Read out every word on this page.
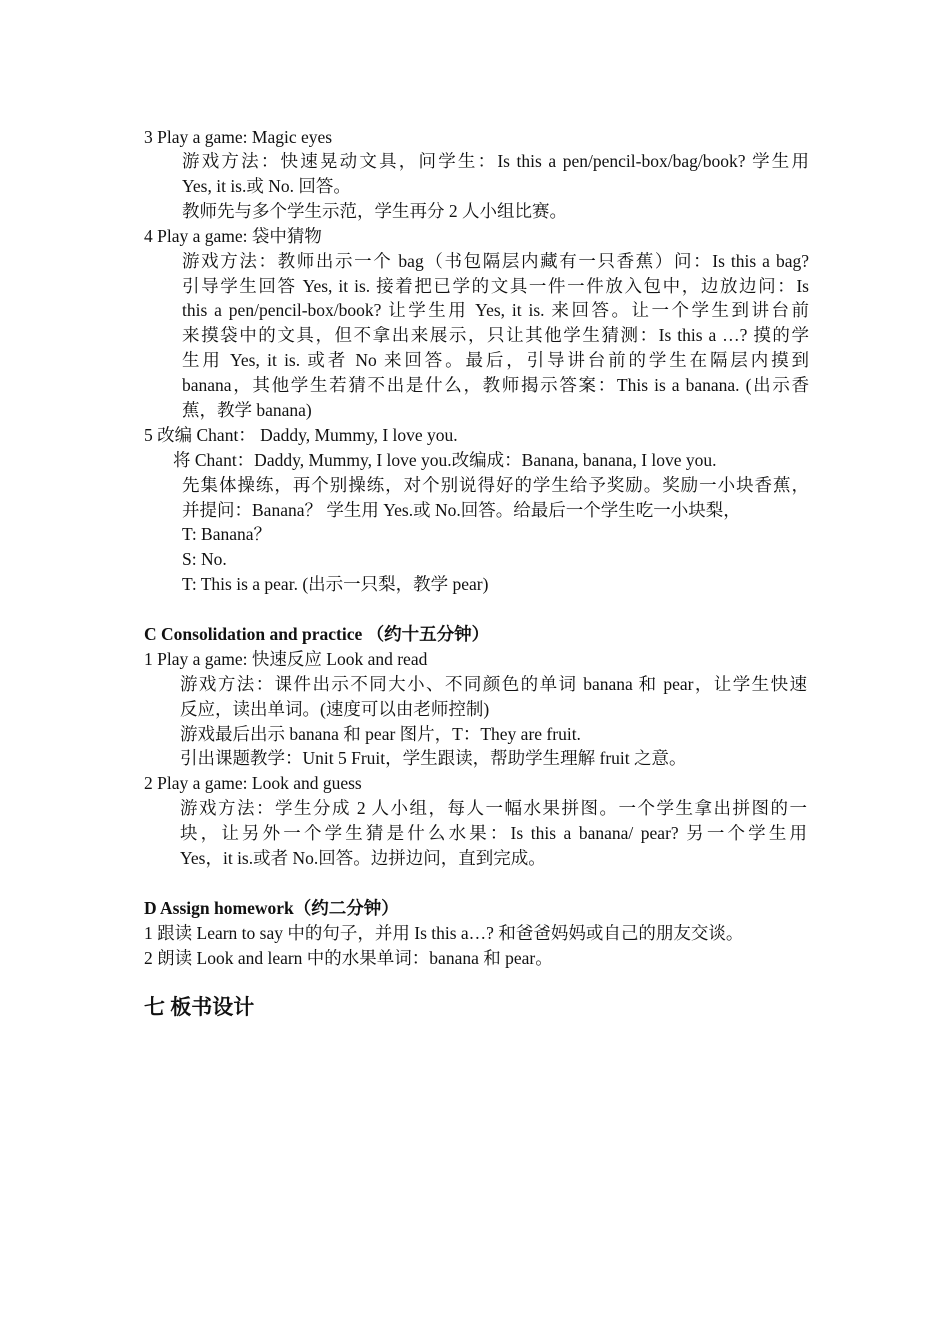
3 Play a game: Magic eyes
游戏方法：快速晃动文具，问学生：Is this a pen/pencil-box/bag/book? 学生用
Yes, it is.或 No. 回答。
教师先与多个学生示范，学生再分 2 人小组比赛。
4 Play a game: 袋中猜物
游戏方法：教师出示一个 bag（书包隔层内藏有一只香蕉）问：Is this a bag?
引导学生回答 Yes, it is. 接着把已学的文具一件一件放入包中，边放边问：Is
this a pen/pencil-box/book? 让学生用 Yes, it is. 来回答。让一个学生到讲台前
来摸袋中的文具，但不拿出来展示，只让其他学生猜测：Is this a …? 摸的学
生用 Yes, it is. 或者 No 来回答。最后，引导讲台前的学生在隔层内摸到
banana，其他学生若猜不出是什么，教师揭示答案：This is a banana. (出示香
蕉，教学 banana)
5 改编 Chant： Daddy, Mummy, I love you.
将 Chant：Daddy, Mummy, I love you.改编成：Banana, banana, I love you.
先集体操练，再个别操练，对个别说得好的学生给予奖励。奖励一小块香蕉，
并提问：Banana？ 学生用 Yes.或 No.回答。给最后一个学生吃一小块梨，
T: Banana？
S: No.
T: This is a pear. (出示一只梨，教学 pear)
C Consolidation and practice （约十五分钟）
1 Play a game: 快速反应 Look and read
游戏方法：课件出示不同大小、不同颜色的单词 banana 和 pear，让学生快速
反应，读出单词。(速度可以由老师控制)
游戏最后出示 banana 和 pear 图片，T：They are fruit.
引出课题教学：Unit 5 Fruit，学生跟读，帮助学生理解 fruit 之意。
2 Play a game: Look and guess
游戏方法：学生分成 2 人小组，每人一幅水果拼图。一个学生拿出拼图的一
块，让另外一个学生猜是什么水果：Is this a banana/ pear? 另一个学生用
Yes，it is.或者 No.回答。边拼边问，直到完成。
D Assign homework（约二分钟）
1 跟读 Learn to say 中的句子，并用 Is this a…? 和爸爸妈妈或自己的朋友交谈。
2 朗读 Look and learn 中的水果单词：banana 和 pear。
七 板书设计
